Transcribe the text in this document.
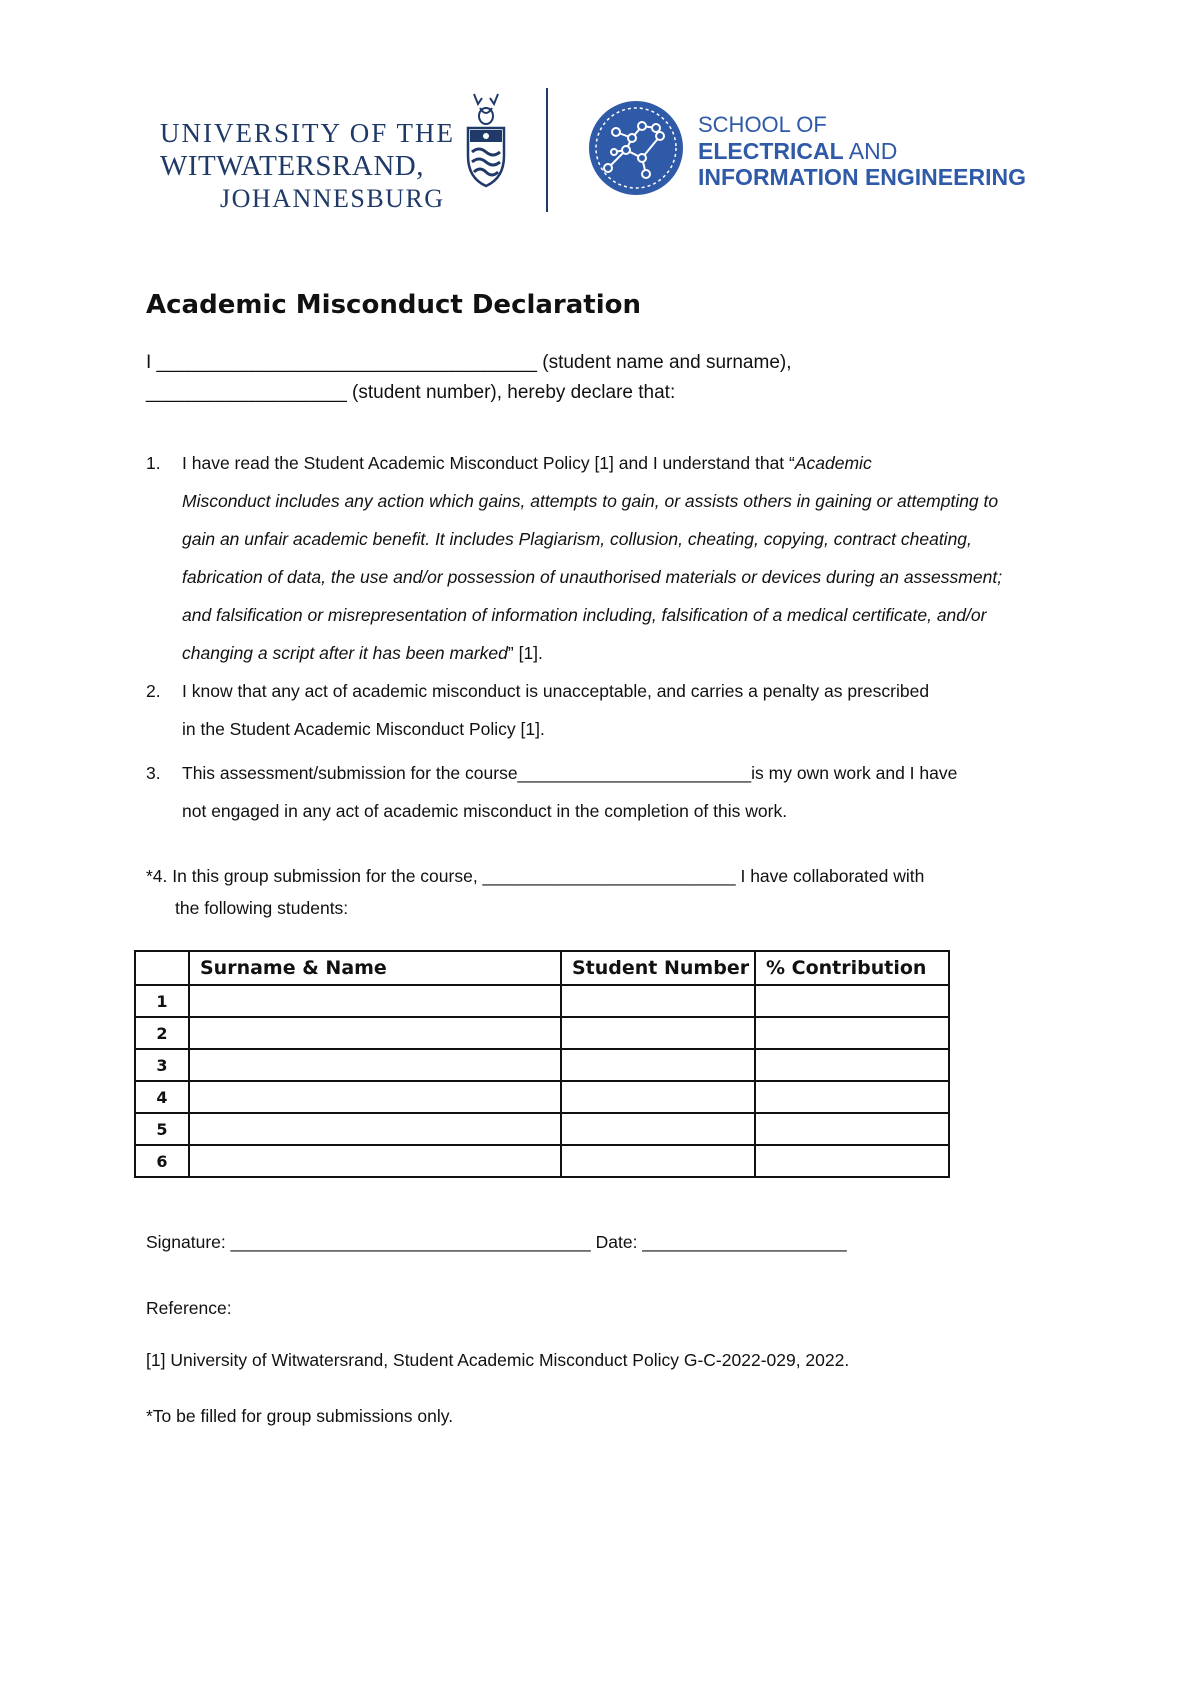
UNIVERSITY OF THE
WITWATERSRAND,
JOHANNESBURG
SCHOOL OF
ELECTRICAL AND
INFORMATION ENGINEERING
Academic Misconduct Declaration
I ____________________________________ (student name and surname),
___________________ (student number), hereby declare that:
1.	I have read the Student Academic Misconduct Policy [1] and I understand that “Academic
Misconduct includes any action which gains, attempts to gain, or assists others in gaining or attempting to
gain an unfair academic benefit. It includes Plagiarism, collusion, cheating, copying, contract cheating,
fabrication of data, the use and/or possession of unauthorised materials or devices during an assessment;
and falsification or misrepresentation of information including, falsification of a medical certificate, and/or
changing a script after it has been marked” [1].
2.	I know that any act of academic misconduct is unacceptable, and carries a penalty as prescribed
in the Student Academic Misconduct Policy [1].
3.	This assessment/submission for the course________________________is my own work and I have
not engaged in any act of academic misconduct in the completion of this work.
*4. In this group submission for the course, __________________________ I have collaborated with
the following students:
	Surname & Name	Student Number	% Contribution
1			
2			
3			
4			
5			
6			
Signature: _____________________________________ Date: _____________________
Reference:
[1] University of Witwatersrand, Student Academic Misconduct Policy G-C-2022-029, 2022.
*To be filled for group submissions only.
